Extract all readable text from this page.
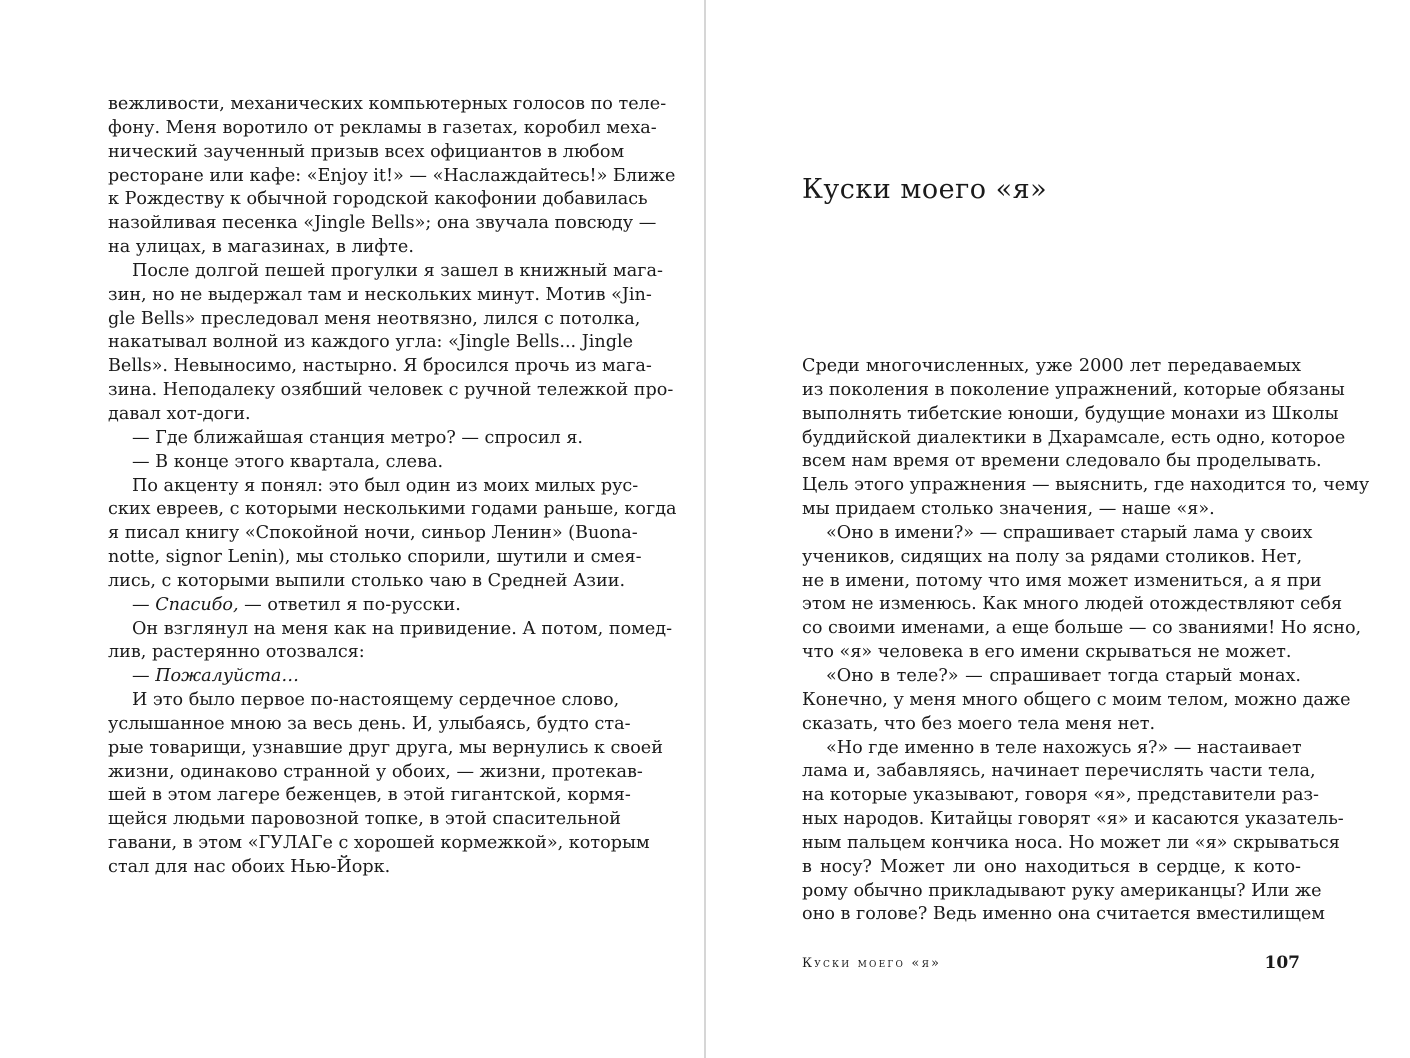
вежливости, механических компьютерных голосов по теле-
фону. Меня воротило от рекламы в газетах, коробил меха-
нический заученный призыв всех официантов в любом
ресторане или кафе: «Enjoy it!» — «Наслаждайтесь!» Ближе
к Рождеству к обычной городской какофонии добавилась
назойливая песенка «Jingle Bells»; она звучала повсюду —
на улицах, в магазинах, в лифте.
После долгой пешей прогулки я зашел в книжный мага-
зин, но не выдержал там и нескольких минут. Мотив «Jin-
gle Bells» преследовал меня неотвязно, лился с потолка,
накатывал волной из каждого угла: «Jingle Bells... Jingle
Bells». Невыносимо, настырно. Я бросился прочь из мага-
зина. Неподалеку озябший человек с ручной тележкой про-
давал хот-доги.
— Где ближайшая станция метро? — спросил я.
— В конце этого квартала, слева.
По акценту я понял: это был один из моих милых рус-
ских евреев, с которыми несколькими годами раньше, когда
я писал книгу «Спокойной ночи, синьор Ленин» (Buona-
notte, signor Lenin), мы столько спорили, шутили и смея-
лись, с которыми выпили столько чаю в Средней Азии.
— Спасибо, — ответил я по-русски.
Он взглянул на меня как на привидение. А потом, помед-
лив, растерянно отозвался:
— Пожалуйста…
И это было первое по-настоящему сердечное слово,
услышанное мною за весь день. И, улыбаясь, будто ста-
рые товарищи, узнавшие друг друга, мы вернулись к своей
жизни, одинаково странной у обоих, — жизни, протекав-
шей в этом лагере беженцев, в этой гигантской, кормя-
щейся людьми паровозной топке, в этой спасительной
гавани, в этом «ГУЛАГе с хорошей кормежкой», которым
стал для нас обоих Нью-Йорк.
Куски моего «я»
Среди многочисленных, уже 2000 лет передаваемых
из поколения в поколение упражнений, которые обязаны
выполнять тибетские юноши, будущие монахи из Школы
буддийской диалектики в Дхарамсале, есть одно, которое
всем нам время от времени следовало бы проделывать.
Цель этого упражнения — выяснить, где находится то, чему
мы придаем столько значения, — наше «я».
«Оно в имени?» — спрашивает старый лама у своих
учеников, сидящих на полу за рядами столиков. Нет,
не в имени, потому что имя может измениться, а я при
этом не изменюсь. Как много людей отождествляют себя
со своими именами, а еще больше — со званиями! Но ясно,
что «я» человека в его имени скрываться не может.
«Оно в теле?» — спрашивает тогда старый монах.
Конечно, у меня много общего с моим телом, можно даже
сказать, что без моего тела меня нет.
«Но где именно в теле нахожусь я?» — настаивает
лама и, забавляясь, начинает перечислять части тела,
на которые указывают, говоря «я», представители раз-
ных народов. Китайцы говорят «я» и касаются указатель-
ным пальцем кончика носа. Но может ли «я» скрываться
в носу? Может ли оно находиться в сердце, к кото-
рому обычно прикладывают руку американцы? Или же
оно в голове? Ведь именно она считается вместилищем
Куски моего «я»	107
